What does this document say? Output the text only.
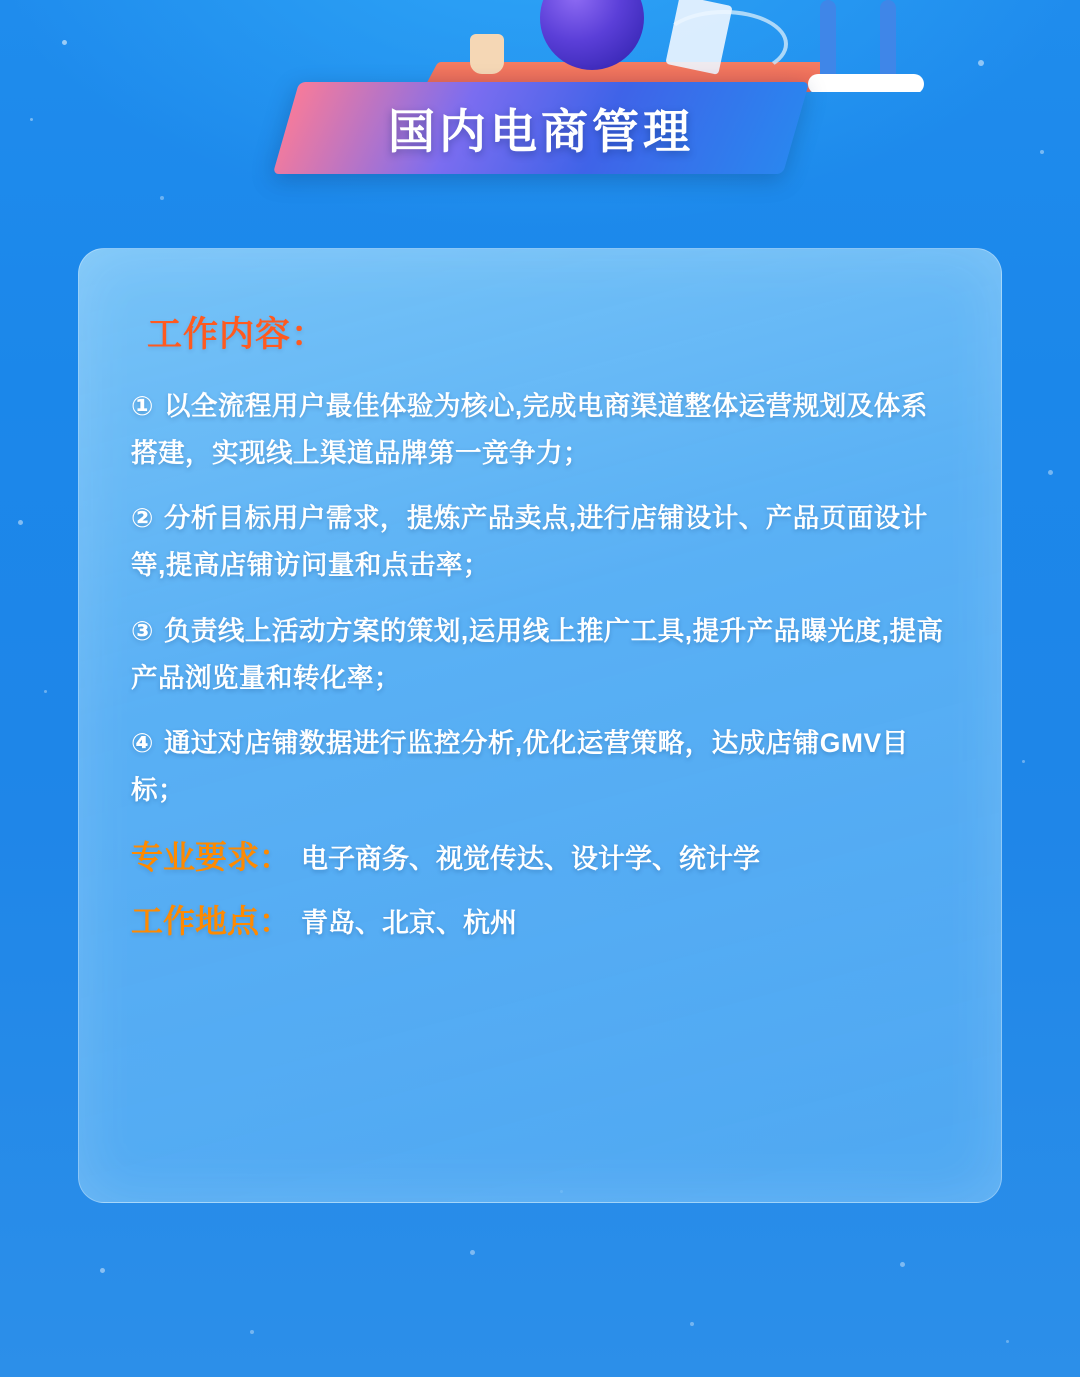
国内电商管理
工作内容：

① 以全流程用户最佳体验为核心,完成电商渠道整体运营规划及体系搭建，实现线上渠道品牌第一竞争力；

② 分析目标用户需求，提炼产品卖点,进行店铺设计、产品页面设计等,提高店铺访问量和点击率；

③ 负责线上活动方案的策划,运用线上推广工具,提升产品曝光度,提高产品浏览量和转化率；

④ 通过对店铺数据进行监控分析,优化运营策略，达成店铺GMV目标；

专业要求： 电子商务、视觉传达、设计学、统计学
工作地点： 青岛、北京、杭州
